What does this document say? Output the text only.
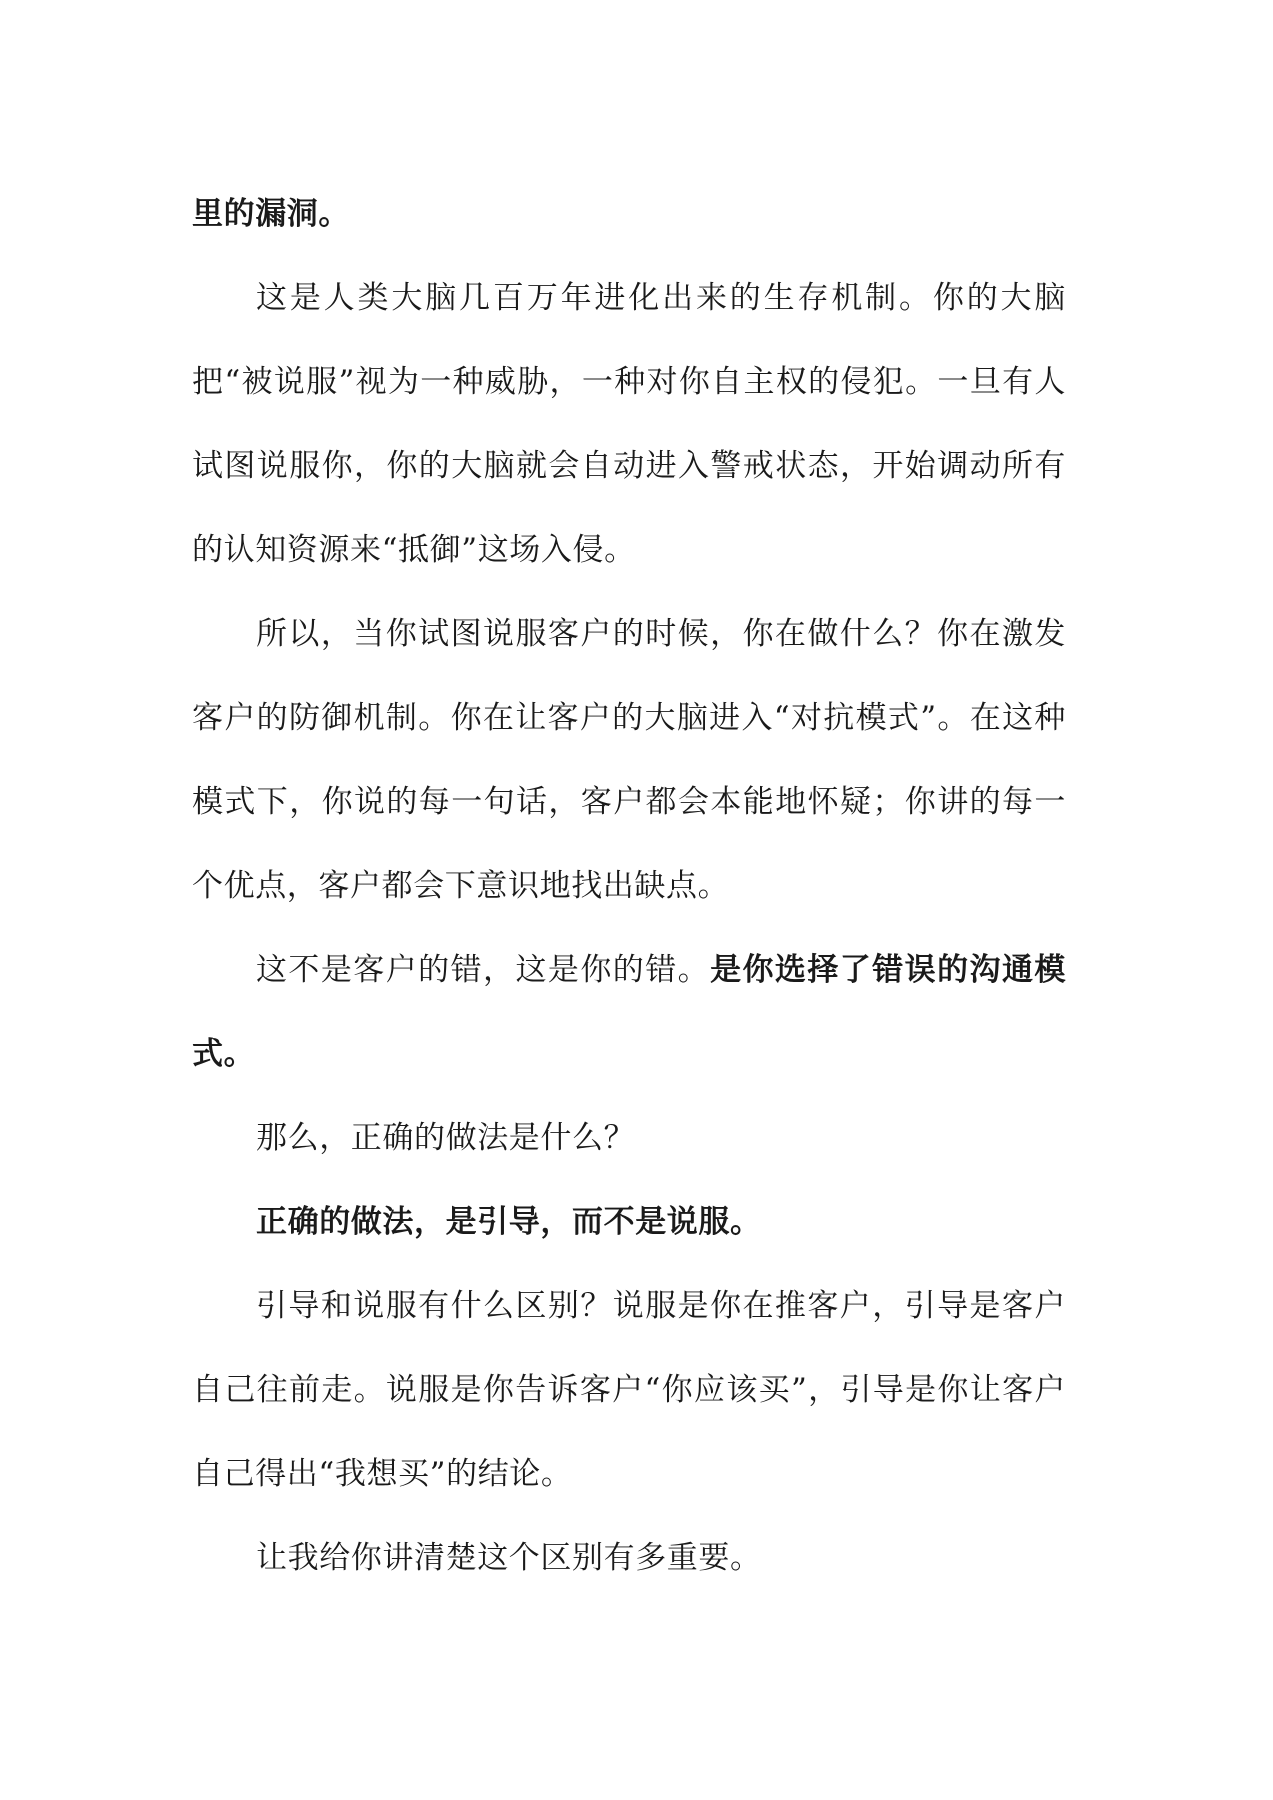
里的漏洞。

这是人类大脑几百万年进化出来的生存机制。你的大脑把“被说服”视为一种威胁，一种对你自主权的侵犯。一旦有人试图说服你，你的大脑就会自动进入警戒状态，开始调动所有的认知资源来“抵御”这场入侵。

所以，当你试图说服客户的时候，你在做什么？你在激发客户的防御机制。你在让客户的大脑进入“对抗模式”。在这种模式下，你说的每一句话，客户都会本能地怀疑；你讲的每一个优点，客户都会下意识地找出缺点。

这不是客户的错，这是你的错。是你选择了错误的沟通模式。

那么，正确的做法是什么？

正确的做法，是引导，而不是说服。

引导和说服有什么区别？说服是你在推客户，引导是客户自己往前走。说服是你告诉客户“你应该买”，引导是你让客户自己得出“我想买”的结论。

让我给你讲清楚这个区别有多重要。
